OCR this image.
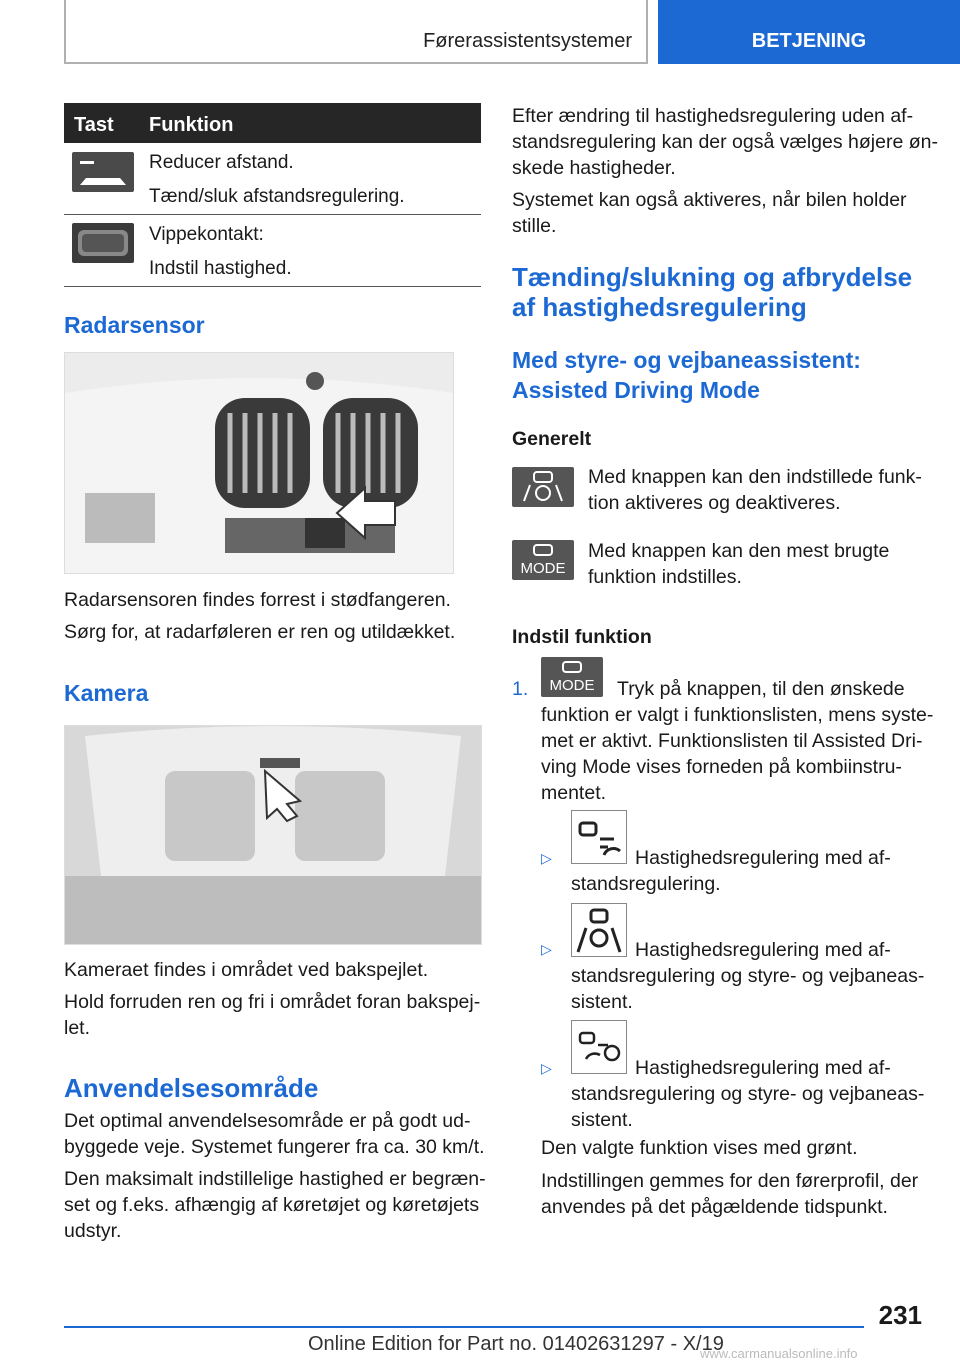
Førerassistentsystemer	BETJENING
Tast Funktion
Reducer afstand.
Tænd/sluk afstandsregulering.
Vippekontakt:
Indstil hastighed.
Radarsensor
Radarsensoren findes forrest i stødfangeren.
Sørg for, at radarføleren er ren og utildækket.
Kamera
Kameraet findes i området ved bakspejlet.
Hold forruden ren og fri i området foran bakspej-
let.
Anvendelsesområde
Det optimal anvendelsesområde er på godt ud-
byggede veje. Systemet fungerer fra ca. 30 km/t.
Den maksimalt indstillelige hastighed er begræn-
set og f.eks. afhængig af køretøjet og køretøjets
udstyr.
Efter ændring til hastighedsregulering uden af-
standsregulering kan der også vælges højere øn-
skede hastigheder.
Systemet kan også aktiveres, når bilen holder
stille.
Tænding/slukning og afbrydelse
af hastighedsregulering
Med styre- og vejbaneassistent:
Assisted Driving Mode
Generelt
Med knappen kan den indstillede funk-
tion aktiveres og deaktiveres.
MODE
Med knappen kan den mest brugte
funktion indstilles.
Indstil funktion
1.	MODE	Tryk på knappen, til den ønskede
funktion er valgt i funktionslisten, mens syste-
met er aktivt. Funktionslisten til Assisted Dri-
ving Mode vises forneden på kombiinstru-
mentet.
▷	Hastighedsregulering med af-
standsregulering.
▷	Hastighedsregulering med af-
standsregulering og styre- og vejbaneas-
sistent.
▷	Hastighedsregulering med af-
standsregulering og styre- og vejbaneas-
sistent.
Den valgte funktion vises med grønt.
Indstillingen gemmes for den førerprofil, der
anvendes på det pågældende tidspunkt.
231
Online Edition for Part no. 01402631297 - X/19
www.carmanualsonline.info
